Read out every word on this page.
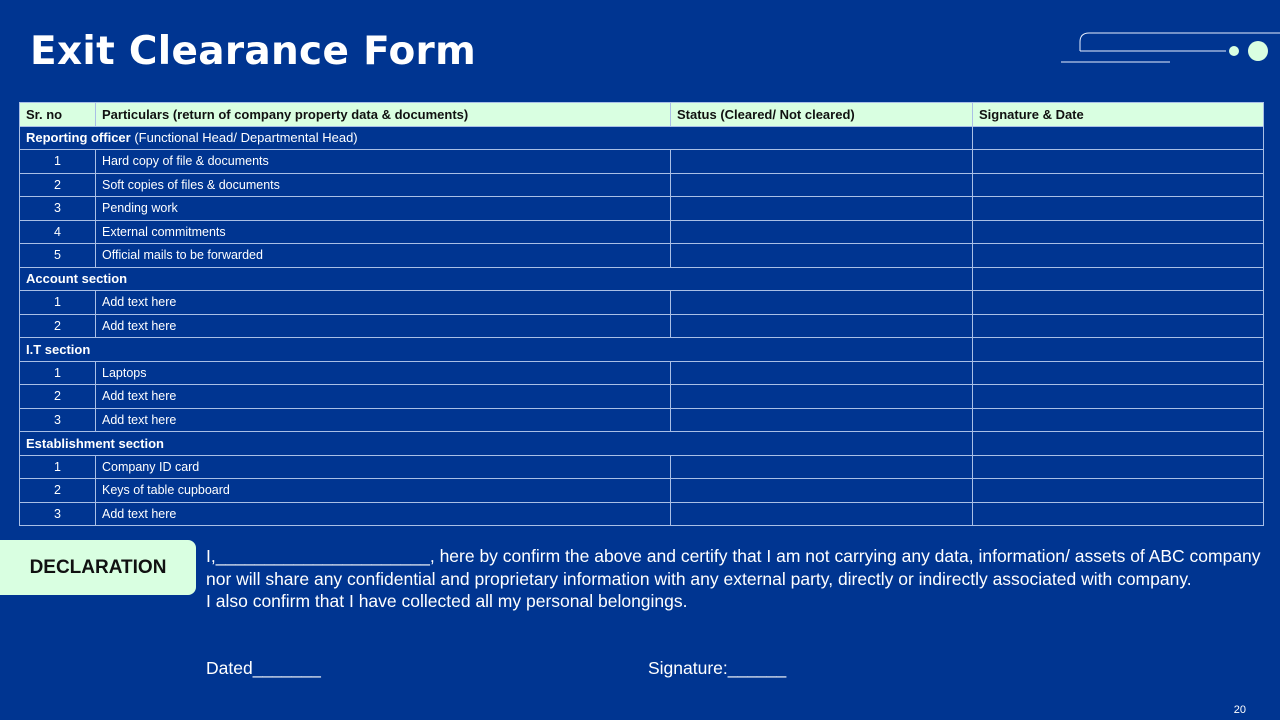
Exit Clearance Form
Sr. no	Particulars (return of company property data & documents)	Status (Cleared/ Not cleared)	Signature & Date
Reporting officer (Functional Head/ Departmental Head)			
1	Hard copy of file & documents		
2	Soft copies of files & documents		
3	Pending work		
4	External commitments		
5	Official mails to be forwarded		
Account section			
1	Add text here		
2	Add text here		
I.T section			
1	Laptops		
2	Add text here		
3	Add text here		
Establishment section			
1	Company ID card		
2	Keys of table cupboard		
3	Add text here		
DECLARATION

I,______________________, here by confirm the above and certify that I am not carrying any data, information/ assets of ABC company nor will share any confidential and proprietary information with any external party, directly or indirectly associated with company.

I also confirm that I have collected all my personal belongings.

Dated_______	Signature:______
20
